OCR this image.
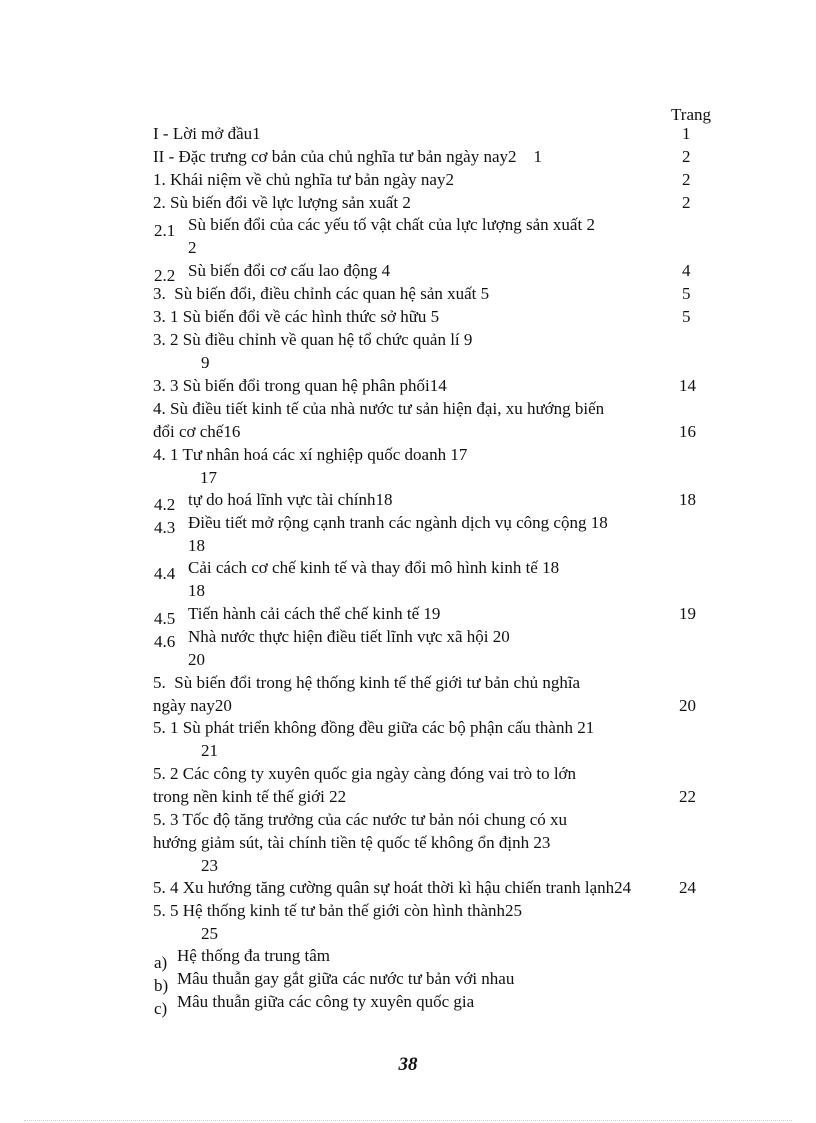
Trang
I - Lời mở đầu1	1
II - Đặc trưng cơ bản của chủ nghĩa tư bản ngày nay2    1	2
1. Khái niệm về chủ nghĩa tư bản ngày nay2	2
2. Sù biến đổi về lực lượng sản xuất 2	2
2.1 Sù biến đổi của các yếu tố vật chất của lực lượng sản xuất 2
2
2.2 Sù biến đổi cơ cấu lao động 4	4
3.  Sù biến đổi, điều chỉnh các quan hệ sản xuất 5	5
3. 1 Sù biến đổi về các hình thức sở hữu 5	5
3. 2 Sù điều chỉnh về quan hệ tổ chức quản lí 9
9
3. 3 Sù biến đổi trong quan hệ phân phối14	14
4. Sù điều tiết kinh tế của nhà nước tư sản hiện đại, xu hướng biến
đổi cơ chế16	16
4. 1 Tư nhân hoá các xí nghiệp quốc doanh 17
17
4.2 tự do hoá lĩnh vực tài chính18	18
4.3 Điều tiết mở rộng cạnh tranh các ngành dịch vụ công cộng 18
18
4.4 Cải cách cơ chế kinh tế và thay đổi mô hình kinh tế 18
18
4.5 Tiến hành cải cách thể chế kinh tế 19	19
4.6 Nhà nước thực hiện điều tiết lĩnh vực xã hội 20
20
5.  Sù biến đổi trong hệ thống kinh tế thế giới tư bản chủ nghĩa
ngày nay20	20
5. 1 Sù phát triển không đồng đều giữa các bộ phận cấu thành 21
21
5. 2 Các công ty xuyên quốc gia ngày càng đóng vai trò to lớn
trong nền kinh tế thế giới 22	22
5. 3 Tốc độ tăng trưởng của các nước tư bản nói chung có xu
hướng giảm sút, tài chính tiền tệ quốc tế không ổn định 23
23
5. 4 Xu hướng tăng cường quân sự hoát thời kì hậu chiến tranh lạnh24	24
5. 5 Hệ thống kinh tế tư bản thế giới còn hình thành25
25
a) Hệ thống đa trung tâm
b) Mâu thuẫn gay gắt giữa các nước tư bản với nhau
c) Mâu thuẫn giữa các công ty xuyên quốc gia
38
